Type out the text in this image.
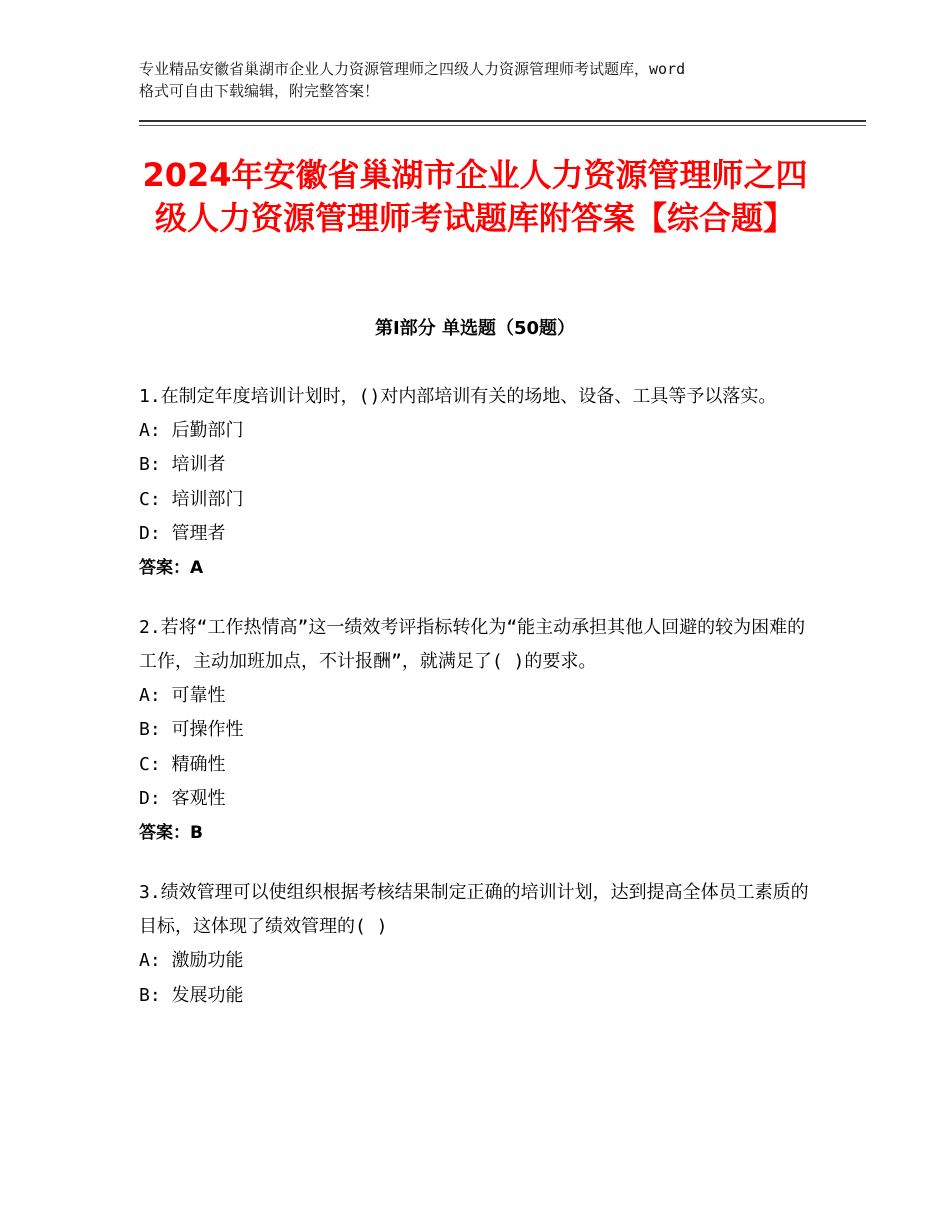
专业精品安徽省巢湖市企业人力资源管理师之四级人力资源管理师考试题库，word
格式可自由下载编辑，附完整答案！
2024年安徽省巢湖市企业人力资源管理师之四级人力资源管理师考试题库附答案【综合题】
第Ⅰ部分 单选题（50题）
1.在制定年度培训计划时，()对内部培训有关的场地、设备、工具等予以落实。
A: 后勤部门
B: 培训者
C: 培训部门
D: 管理者
答案：A
2.若将“工作热情高”这一绩效考评指标转化为“能主动承担其他人回避的较为困难的工作，主动加班加点，不计报酬”，就满足了( )的要求。
A: 可靠性
B: 可操作性
C: 精确性
D: 客观性
答案：B
3.绩效管理可以使组织根据考核结果制定正确的培训计划，达到提高全体员工素质的目标，这体现了绩效管理的( )
A: 激励功能
B: 发展功能
